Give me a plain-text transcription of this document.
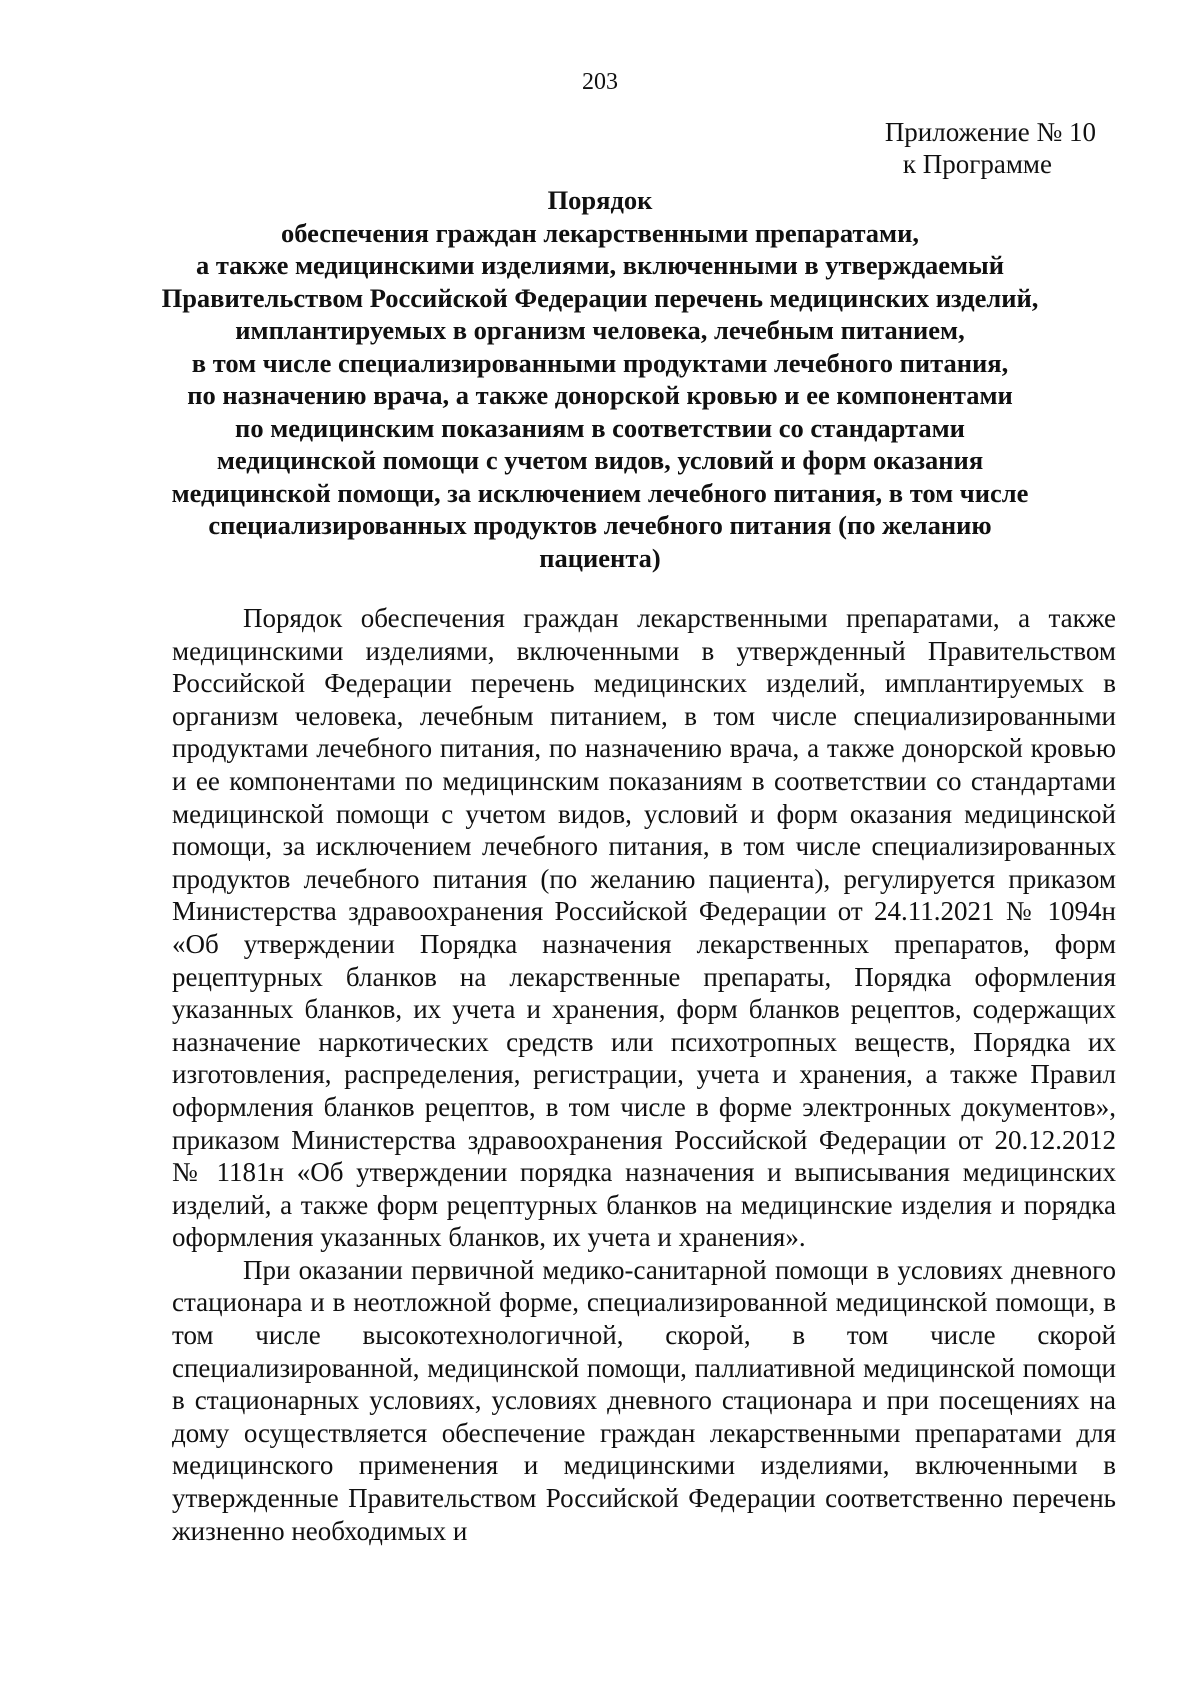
203
Приложение № 10
к Программе
Порядок
обеспечения граждан лекарственными препаратами,
а также медицинскими изделиями, включенными в утверждаемый
Правительством Российской Федерации перечень медицинских изделий,
имплантируемых в организм человека, лечебным питанием,
в том числе специализированными продуктами лечебного питания,
по назначению врача, а также донорской кровью и ее компонентами
по медицинским показаниям в соответствии со стандартами
медицинской помощи с учетом видов, условий и форм оказания
медицинской помощи, за исключением лечебного питания, в том числе
специализированных продуктов лечебного питания (по желанию
пациента)

Порядок обеспечения граждан лекарственными препаратами, а также медицинскими изделиями, включенными в утвержденный Правительством Российской Федерации перечень медицинских изделий, имплантируемых в организм человека, лечебным питанием, в том числе специализированными продуктами лечебного питания, по назначению врача, а также донорской кровью и ее компонентами по медицинским показаниям в соответствии со стандартами медицинской помощи с учетом видов, условий и форм оказания медицинской помощи, за исключением лечебного питания, в том числе специализированных продуктов лечебного питания (по желанию пациента), регулируется приказом Министерства здравоохранения Российской Федерации от 24.11.2021 № 1094н «Об утверждении Порядка назначения лекарственных препаратов, форм рецептурных бланков на лекарственные препараты, Порядка оформления указанных бланков, их учета и хранения, форм бланков рецептов, содержащих назначение наркотических средств или психотропных веществ, Порядка их изготовления, распределения, регистрации, учета и хранения, а также Правил оформления бланков рецептов, в том числе в форме электронных документов», приказом Министерства здравоохранения Российской Федерации от 20.12.2012 № 1181н «Об утверждении порядка назначения и выписывания медицинских изделий, а также форм рецептурных бланков на медицинские изделия и порядка оформления указанных бланков, их учета и хранения».

При оказании первичной медико-санитарной помощи в условиях дневного стационара и в неотложной форме, специализированной медицинской помощи, в том числе высокотехнологичной, скорой, в том числе скорой специализированной, медицинской помощи, паллиативной медицинской помощи в стационарных условиях, условиях дневного стационара и при посещениях на дому осуществляется обеспечение граждан лекарственными препаратами для медицинского применения и медицинскими изделиями, включенными в утвержденные Правительством Российской Федерации соответственно перечень жизненно необходимых и
